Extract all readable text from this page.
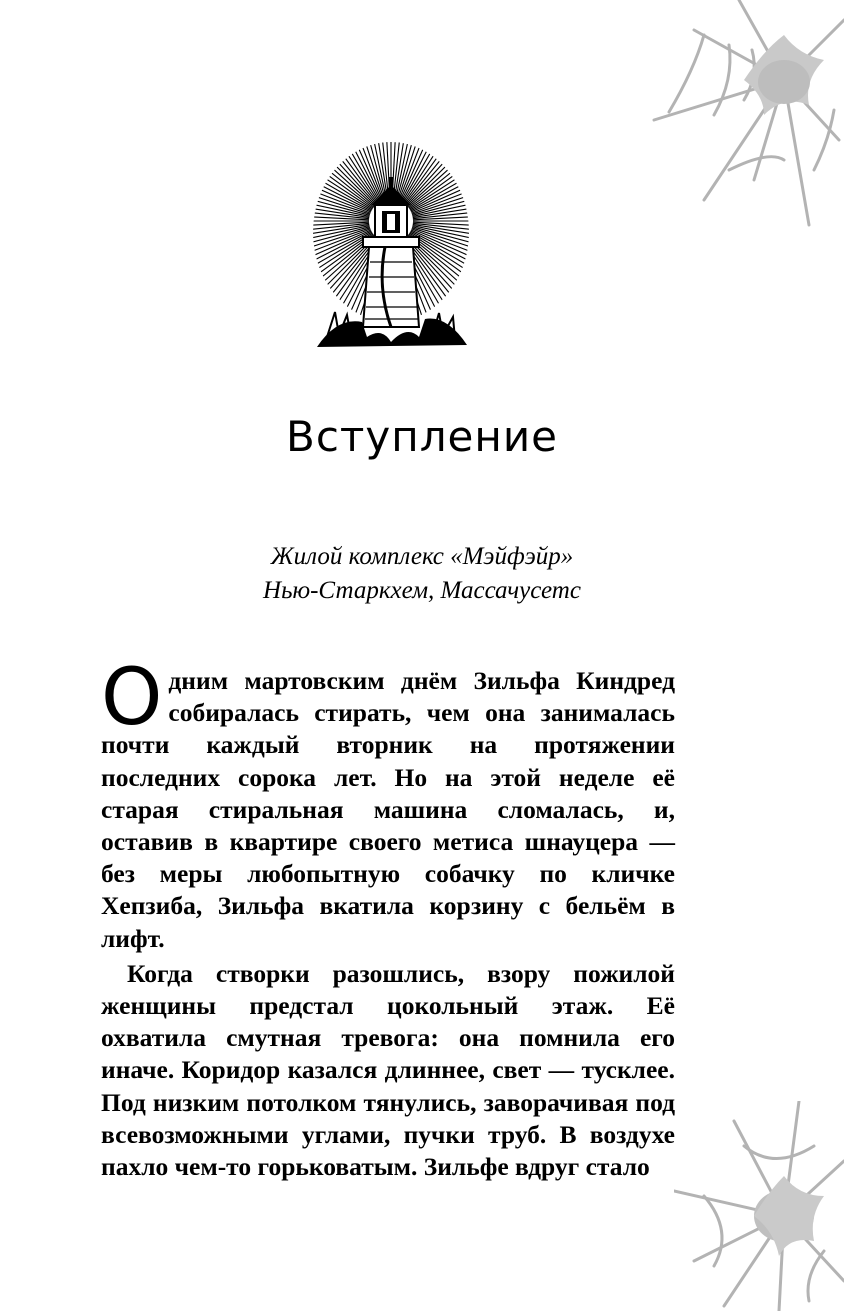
Вступление
Жилой комплекс «Мэйфэйр»
Нью-Старкхем, Массачусетс

Одним мартовским днём Зильфа Киндред собиралась стирать, чем она занималась почти каждый вторник на протяжении последних сорока лет. Но на этой неделе её старая стиральная машина сломалась, и, оставив в квартире своего метиса шнауцера — без меры любопытную собачку по кличке Хепзиба, Зильфа вкатила корзину с бельём в лифт.

Когда створки разошлись, взору пожилой женщины предстал цокольный этаж. Её охватила смутная тревога: она помнила его иначе. Коридор казался длиннее, свет — тусклее. Под низким потолком тянулись, заворачивая под всевозможными углами, пучки труб. В воздухе пахло чем-то горьковатым. Зильфе вдруг стало
